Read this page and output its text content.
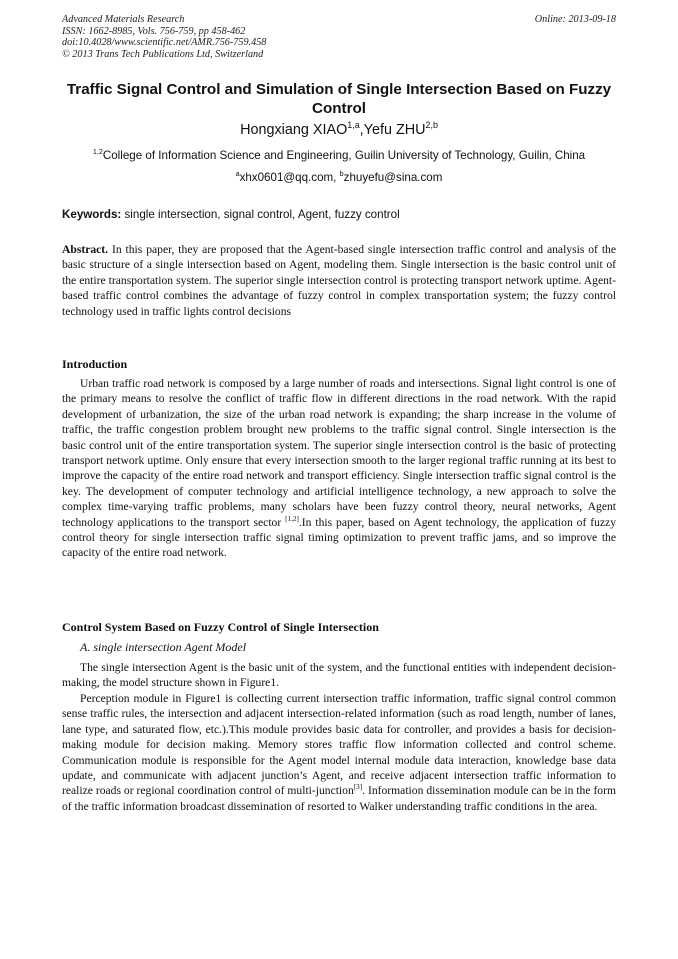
Advanced Materials Research	Online: 2013-09-18
ISSN: 1662-8985, Vols. 756-759, pp 458-462
doi:10.4028/www.scientific.net/AMR.756-759.458
© 2013 Trans Tech Publications Ltd, Switzerland
Traffic Signal Control and Simulation of Single Intersection Based on Fuzzy Control
Hongxiang XIAO$^{1,a}$,Yefu ZHU$^{2,b}$
$^{1,2}$College of Information Science and Engineering, Guilin University of Technology, Guilin, China
$^a$xhx0601@qq.com, $^b$zhuyefu@sina.com
Keywords: single intersection, signal control, Agent, fuzzy control
Abstract. In this paper, they are proposed that the Agent-based single intersection traffic control and analysis of the basic structure of a single intersection based on Agent, modeling them. Single intersection is the basic control unit of the entire transportation system. The superior single intersection control is protecting transport network uptime. Agent-based traffic control combines the advantage of fuzzy control in complex transportation system; the fuzzy control technology used in traffic lights control decisions
Introduction
Urban traffic road network is composed by a large number of roads and intersections. Signal light control is one of the primary means to resolve the conflict of traffic flow in different directions in the road network. With the rapid development of urbanization, the size of the urban road network is expanding; the sharp increase in the volume of traffic, the traffic congestion problem brought new problems to the traffic signal control. Single intersection is the basic control unit of the entire transportation system. The superior single intersection control is the basic of protecting transport network uptime. Only ensure that every intersection smooth to the larger regional traffic running at its best to improve the capacity of the entire road network and transport efficiency. Single intersection traffic signal control is the key. The development of computer technology and artificial intelligence technology, a new approach to solve the complex time-varying traffic problems, many scholars have been fuzzy control theory, neural networks, Agent technology applications to the transport sector [1,2].In this paper, based on Agent technology, the application of fuzzy control theory for single intersection traffic signal timing optimization to prevent traffic jams, and so improve the capacity of the entire road network.
Control System Based on Fuzzy Control of Single Intersection
A. single intersection Agent Model
The single intersection Agent is the basic unit of the system, and the functional entities with independent decision-making, the model structure shown in Figure1.
Perception module in Figure1 is collecting current intersection traffic information, traffic signal control common sense traffic rules, the intersection and adjacent intersection-related information (such as road length, number of lanes, lane type, and saturated flow, etc.).This module provides basic data for controller, and provides a basis for decision-making module for decision making. Memory stores traffic flow information collected and control scheme. Communication module is responsible for the Agent model internal module data interaction, knowledge base data update, and communicate with adjacent junction’s Agent, and receive adjacent intersection traffic information to realize roads or regional coordination control of multi-junction[3]. Information dissemination module can be in the form of the traffic information broadcast dissemination of resorted to Walker understanding traffic conditions in the area.
